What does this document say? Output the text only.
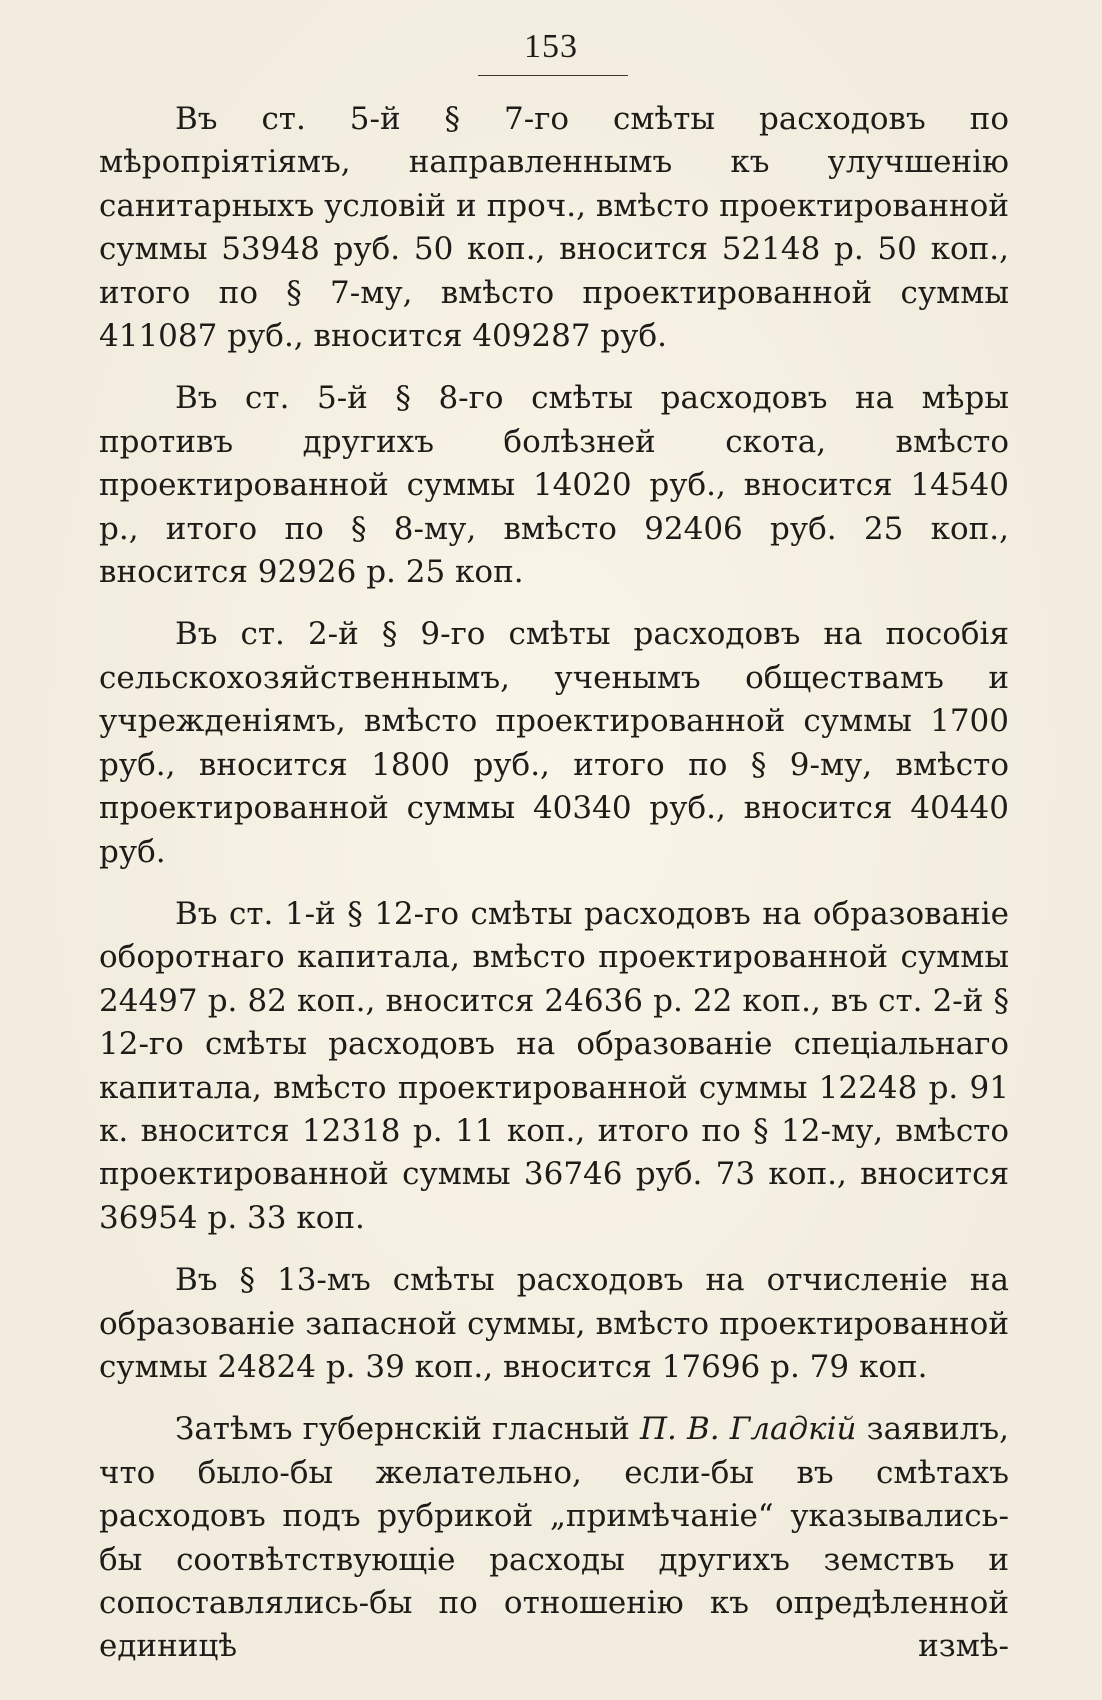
153

Въ ст. 5-й § 7-го смѣты расходовъ по мѣропріятіямъ, направленнымъ къ улучшенію санитарныхъ условій и проч., вмѣсто проектированной суммы 53948 руб. 50 коп., вносится 52148 р. 50 коп., итого по § 7-му, вмѣсто проектированной суммы 411087 руб., вносится 409287 руб.

Въ ст. 5-й § 8-го смѣты расходовъ на мѣры противъ другихъ болѣзней скота, вмѣсто проектированной суммы 14020 руб., вносится 14540 р., итого по § 8-му, вмѣсто 92406 руб. 25 коп., вносится 92926 р. 25 коп.

Въ ст. 2-й § 9-го смѣты расходовъ на пособія сельскохозяйственнымъ, ученымъ обществамъ и учрежденіямъ, вмѣсто проектированной суммы 1700 руб., вносится 1800 руб., итого по § 9-му, вмѣсто проектированной суммы 40340 руб., вносится 40440 руб.

Въ ст. 1-й § 12-го смѣты расходовъ на образованіе оборотнаго капитала, вмѣсто проектированной суммы 24497 р. 82 коп., вносится 24636 р. 22 коп., въ ст. 2-й § 12-го смѣты расходовъ на образованіе спеціальнаго капитала, вмѣсто проектированной суммы 12248 р. 91 к. вносится 12318 р. 11 коп., итого по § 12-му, вмѣсто проектированной суммы 36746 руб. 73 коп., вносится 36954 р. 33 коп.

Въ § 13-мъ смѣты расходовъ на отчисленіе на образованіе запасной суммы, вмѣсто проектированной суммы 24824 р. 39 коп., вносится 17696 р. 79 коп.

Затѣмъ губернскій гласный П. В. Гладкій заявилъ, что было-бы желательно, если-бы въ смѣтахъ расходовъ подъ рубрикой „примѣчаніе“ указывались-бы соотвѣтствующіе расходы другихъ земствъ и сопоставлялись-бы по отношенію къ опредѣленной единицѣ измѣ-
